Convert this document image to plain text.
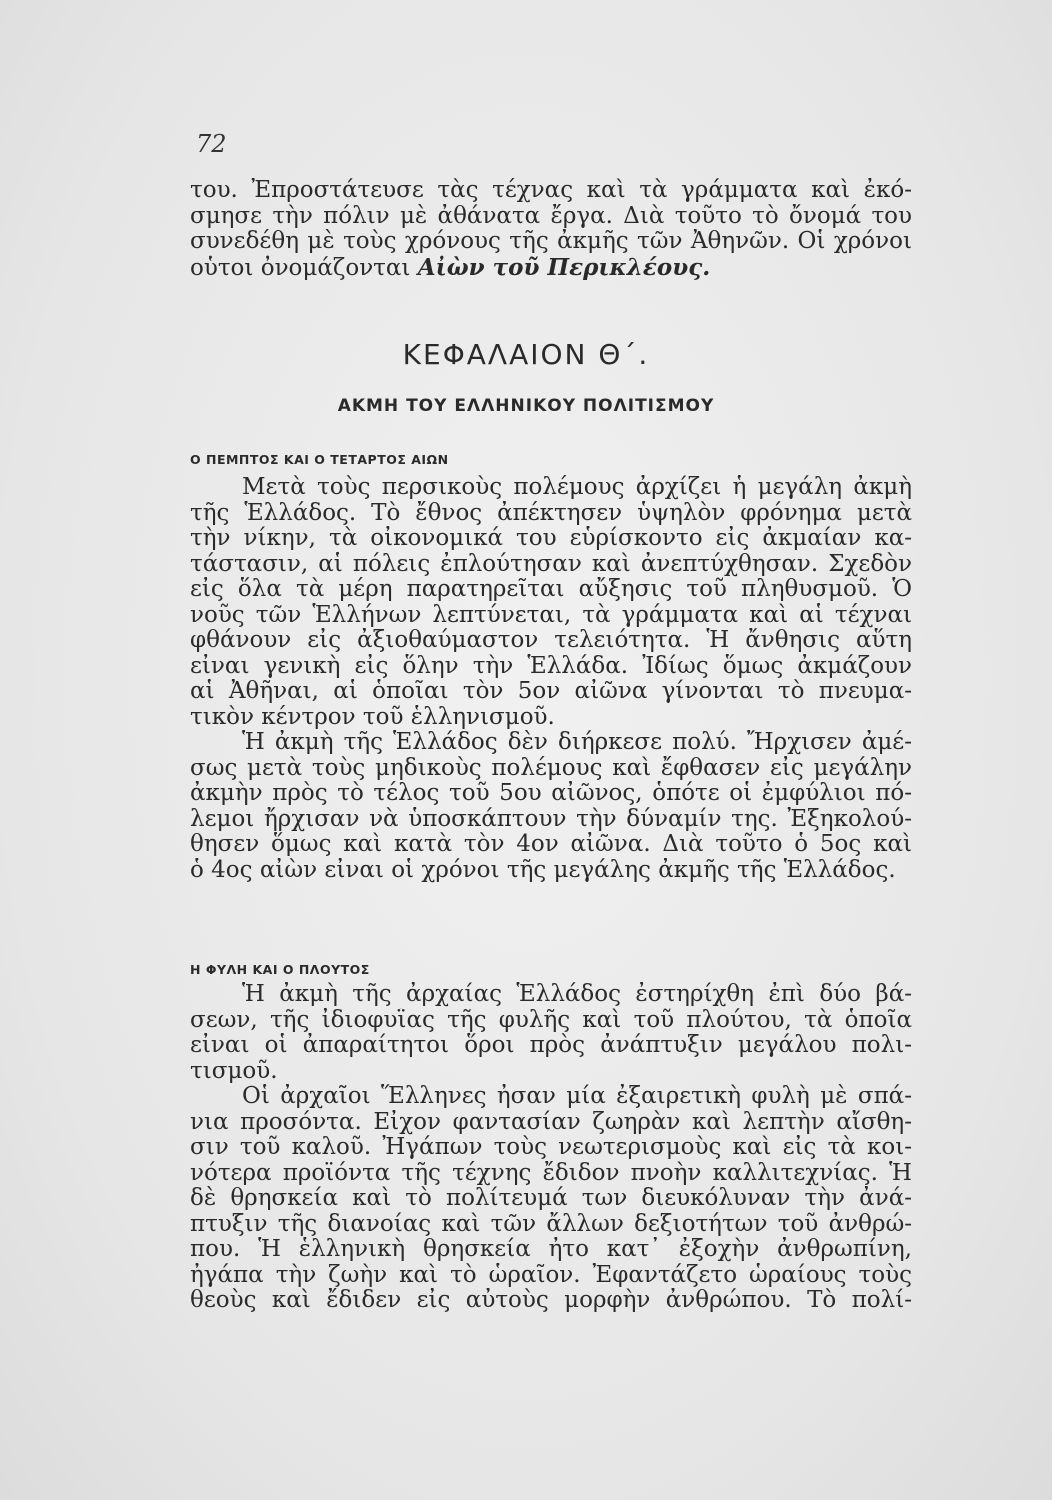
72
του. Ἐπροστάτευσε τὰς τέχνας καὶ τὰ γράμματα καὶ ἐκό-
σμησε τὴν πόλιν μὲ ἀθάνατα ἔργα. Διὰ τοῦτο τὸ ὄνομά του
συνεδέθη μὲ τοὺς χρόνους τῆς ἀκμῆς τῶν Ἀθηνῶν. Οἱ χρόνοι
οὗτοι ὀνομάζονται Αἰὼν τοῦ Περικλέους.
ΚΕΦΑΛΑΙΟΝ Θ΄.
ΑΚΜΗ ΤΟΥ ΕΛΛΗΝΙΚΟΥ ΠΟΛΙΤΙΣΜΟΥ
Ο ΠΕΜΠΤΟΣ ΚΑΙ Ο ΤΕΤΑΡΤΟΣ ΑΙΩΝ
Μετὰ τοὺς περσικοὺς πολέμους ἀρχίζει ἡ μεγάλη ἀκμὴ
τῆς Ἑλλάδος. Τὸ ἔθνος ἀπέκτησεν ὑψηλὸν φρόνημα μετὰ
τὴν νίκην, τὰ οἰκονομικά του εὑρίσκοντο εἰς ἀκμαίαν κα-
τάστασιν, αἱ πόλεις ἐπλούτησαν καὶ ἀνεπτύχθησαν. Σχεδὸν
εἰς ὅλα τὰ μέρη παρατηρεῖται αὔξησις τοῦ πληθυσμοῦ. Ὁ
νοῦς τῶν Ἑλλήνων λεπτύνεται, τὰ γράμματα καὶ αἱ τέχναι
φθάνουν εἰς ἀξιοθαύμαστον τελειότητα. Ἡ ἄνθησις αὕτη
εἶναι γενικὴ εἰς ὅλην τὴν Ἑλλάδα. Ἰδίως ὅμως ἀκμάζουν
αἱ Ἀθῆναι, αἱ ὁποῖαι τὸν 5ον αἰῶνα γίνονται τὸ πνευμα-
τικὸν κέντρον τοῦ ἑλληνισμοῦ.
Ἡ ἀκμὴ τῆς Ἑλλάδος δὲν διήρκεσε πολύ. Ἤρχισεν ἀμέ-
σως μετὰ τοὺς μηδικοὺς πολέμους καὶ ἔφθασεν εἰς μεγάλην
ἀκμὴν πρὸς τὸ τέλος τοῦ 5ου αἰῶνος, ὁπότε οἱ ἐμφύλιοι πό-
λεμοι ἤρχισαν νὰ ὑποσκάπτουν τὴν δύναμίν της. Ἐξηκολού-
θησεν ὅμως καὶ κατὰ τὸν 4ον αἰῶνα. Διὰ τοῦτο ὁ 5ος καὶ
ὁ 4ος αἰὼν εἶναι οἱ χρόνοι τῆς μεγάλης ἀκμῆς τῆς Ἑλλάδος.
Η ΦΥΛΗ ΚΑΙ Ο ΠΛΟΥΤΟΣ
Ἡ ἀκμὴ τῆς ἀρχαίας Ἑλλάδος ἐστηρίχθη ἐπὶ δύο βά-
σεων, τῆς ἰδιοφυΐας τῆς φυλῆς καὶ τοῦ πλούτου, τὰ ὁποῖα
εἶναι οἱ ἀπαραίτητοι ὅροι πρὸς ἀνάπτυξιν μεγάλου πολι-
τισμοῦ.
Οἱ ἀρχαῖοι Ἕλληνες ἦσαν μία ἐξαιρετικὴ φυλὴ μὲ σπά-
νια προσόντα. Εἶχον φαντασίαν ζωηρὰν καὶ λεπτὴν αἴσθη-
σιν τοῦ καλοῦ. Ἠγάπων τοὺς νεωτερισμοὺς καὶ εἰς τὰ κοι-
νότερα προϊόντα τῆς τέχνης ἔδιδον πνοὴν καλλιτεχνίας. Ἡ
δὲ θρησκεία καὶ τὸ πολίτευμά των διευκόλυναν τὴν ἀνά-
πτυξιν τῆς διανοίας καὶ τῶν ἄλλων δεξιοτήτων τοῦ ἀνθρώ-
που. Ἡ ἑλληνικὴ θρησκεία ἦτο κατ᾽ ἐξοχὴν ἀνθρωπίνη,
ἠγάπα τὴν ζωὴν καὶ τὸ ὡραῖον. Ἐφαντάζετο ὡραίους τοὺς
θεοὺς καὶ ἔδιδεν εἰς αὐτοὺς μορφὴν ἀνθρώπου. Τὸ πολί-
